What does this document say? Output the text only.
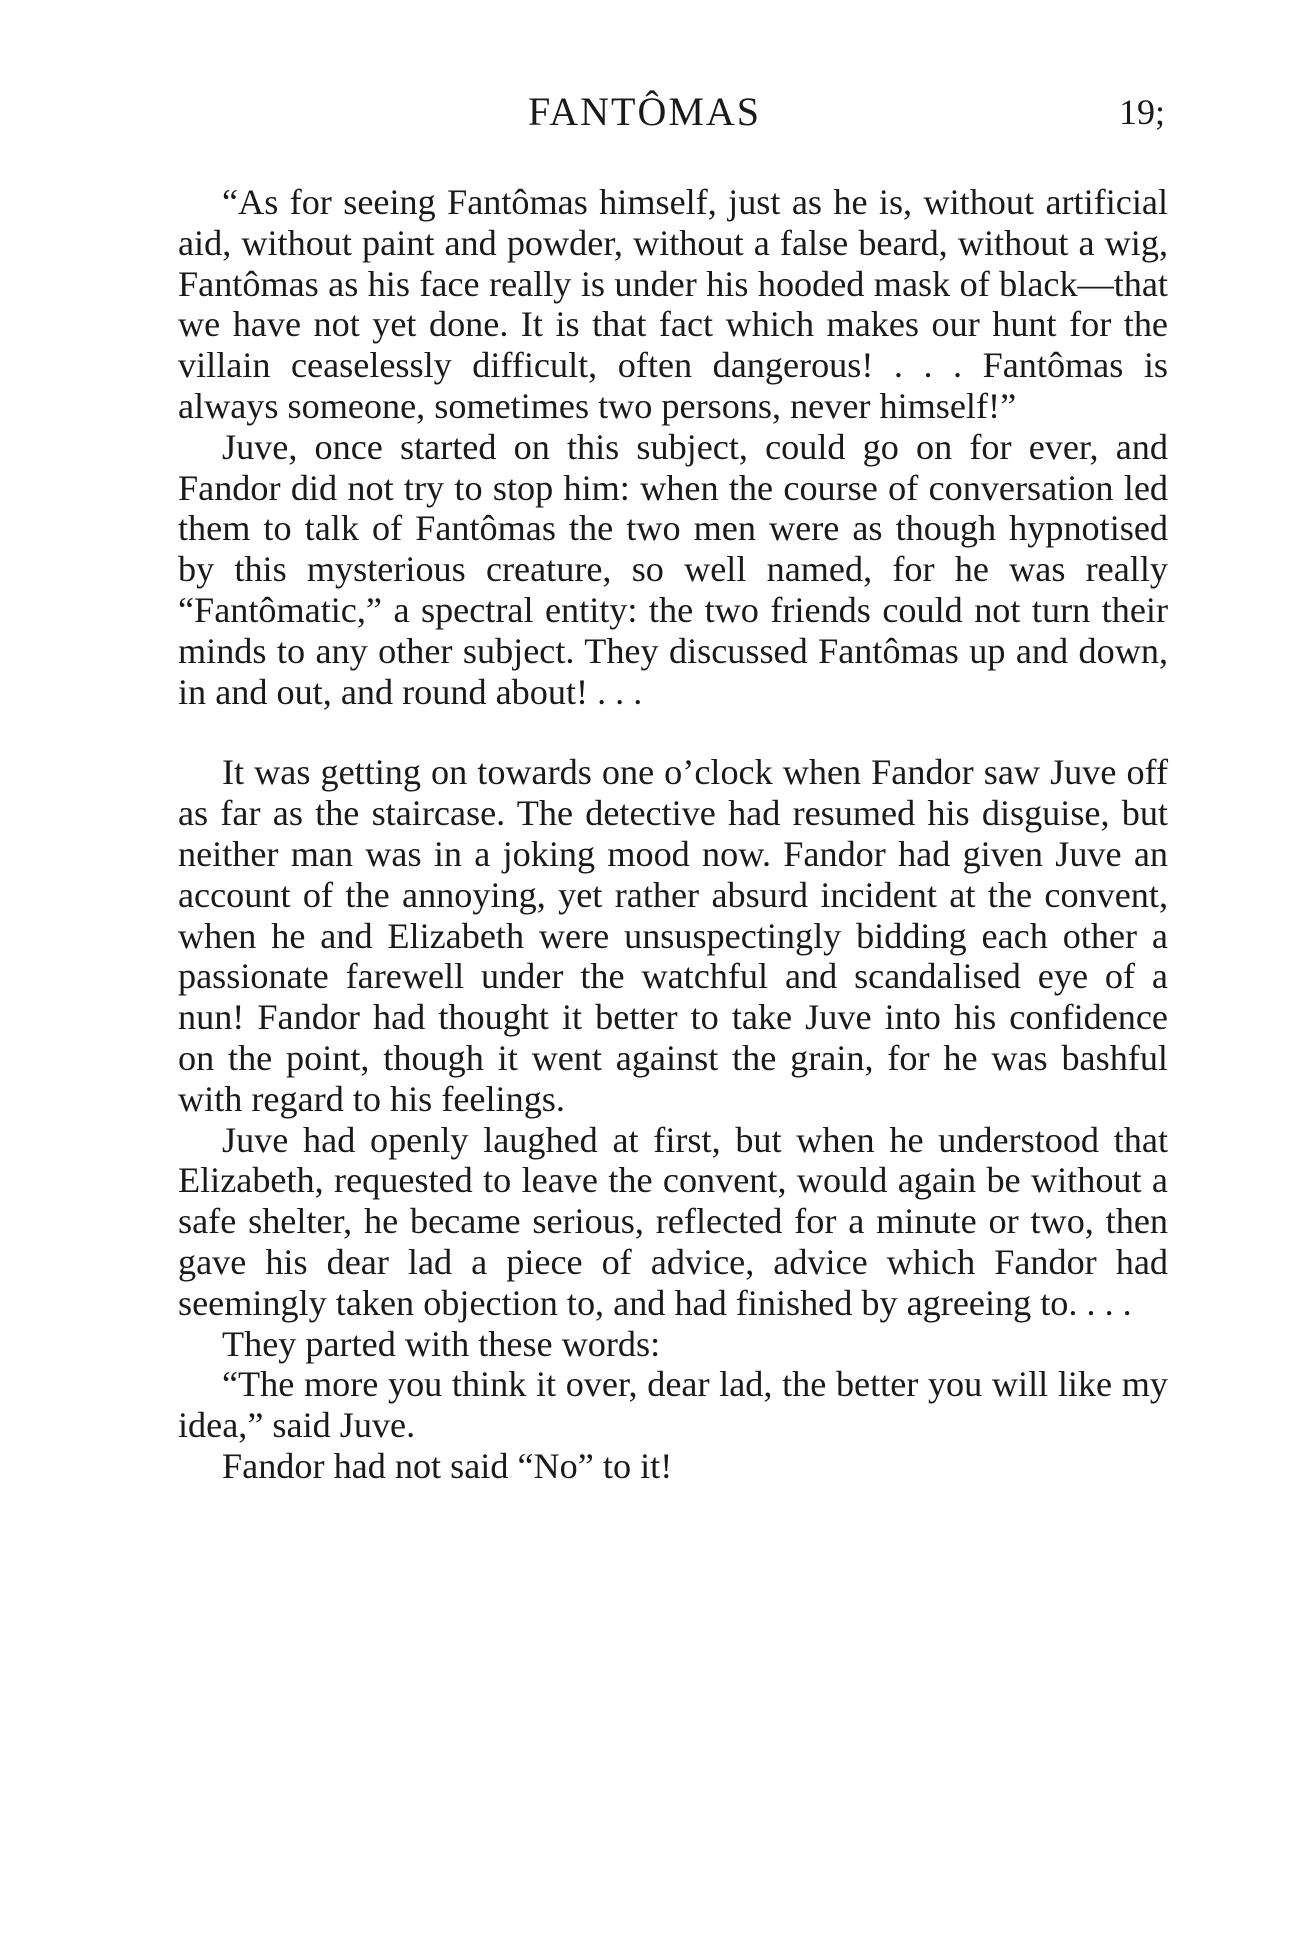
FANTÔMAS	19;

“As for seeing Fantômas himself, just as he is, without artificial aid, without paint and powder, without a false beard, without a wig, Fantômas as his face really is under his hooded mask of black—that we have not yet done. It is that fact which makes our hunt for the villain ceaselessly difficult, often dangerous! . . . Fantômas is always someone, sometimes two persons, never himself!”

Juve, once started on this subject, could go on for ever, and Fandor did not try to stop him: when the course of conversation led them to talk of Fantômas the two men were as though hypnotised by this mysterious creature, so well named, for he was really “Fantômatic,” a spectral entity: the two friends could not turn their minds to any other subject. They discussed Fantômas up and down, in and out, and round about! . . .

It was getting on towards one o’clock when Fandor saw Juve off as far as the staircase. The detective had resumed his disguise, but neither man was in a joking mood now. Fandor had given Juve an account of the annoying, yet rather absurd incident at the convent, when he and Elizabeth were unsuspectingly bidding each other a passionate farewell under the watchful and scandalised eye of a nun! Fandor had thought it better to take Juve into his confidence on the point, though it went against the grain, for he was bashful with regard to his feelings.

Juve had openly laughed at first, but when he understood that Elizabeth, requested to leave the convent, would again be without a safe shelter, he became serious, reflected for a minute or two, then gave his dear lad a piece of advice, advice which Fandor had seemingly taken objection to, and had finished by agreeing to. . . .

They parted with these words:

“The more you think it over, dear lad, the better you will like my idea,” said Juve.

Fandor had not said “No” to it!
